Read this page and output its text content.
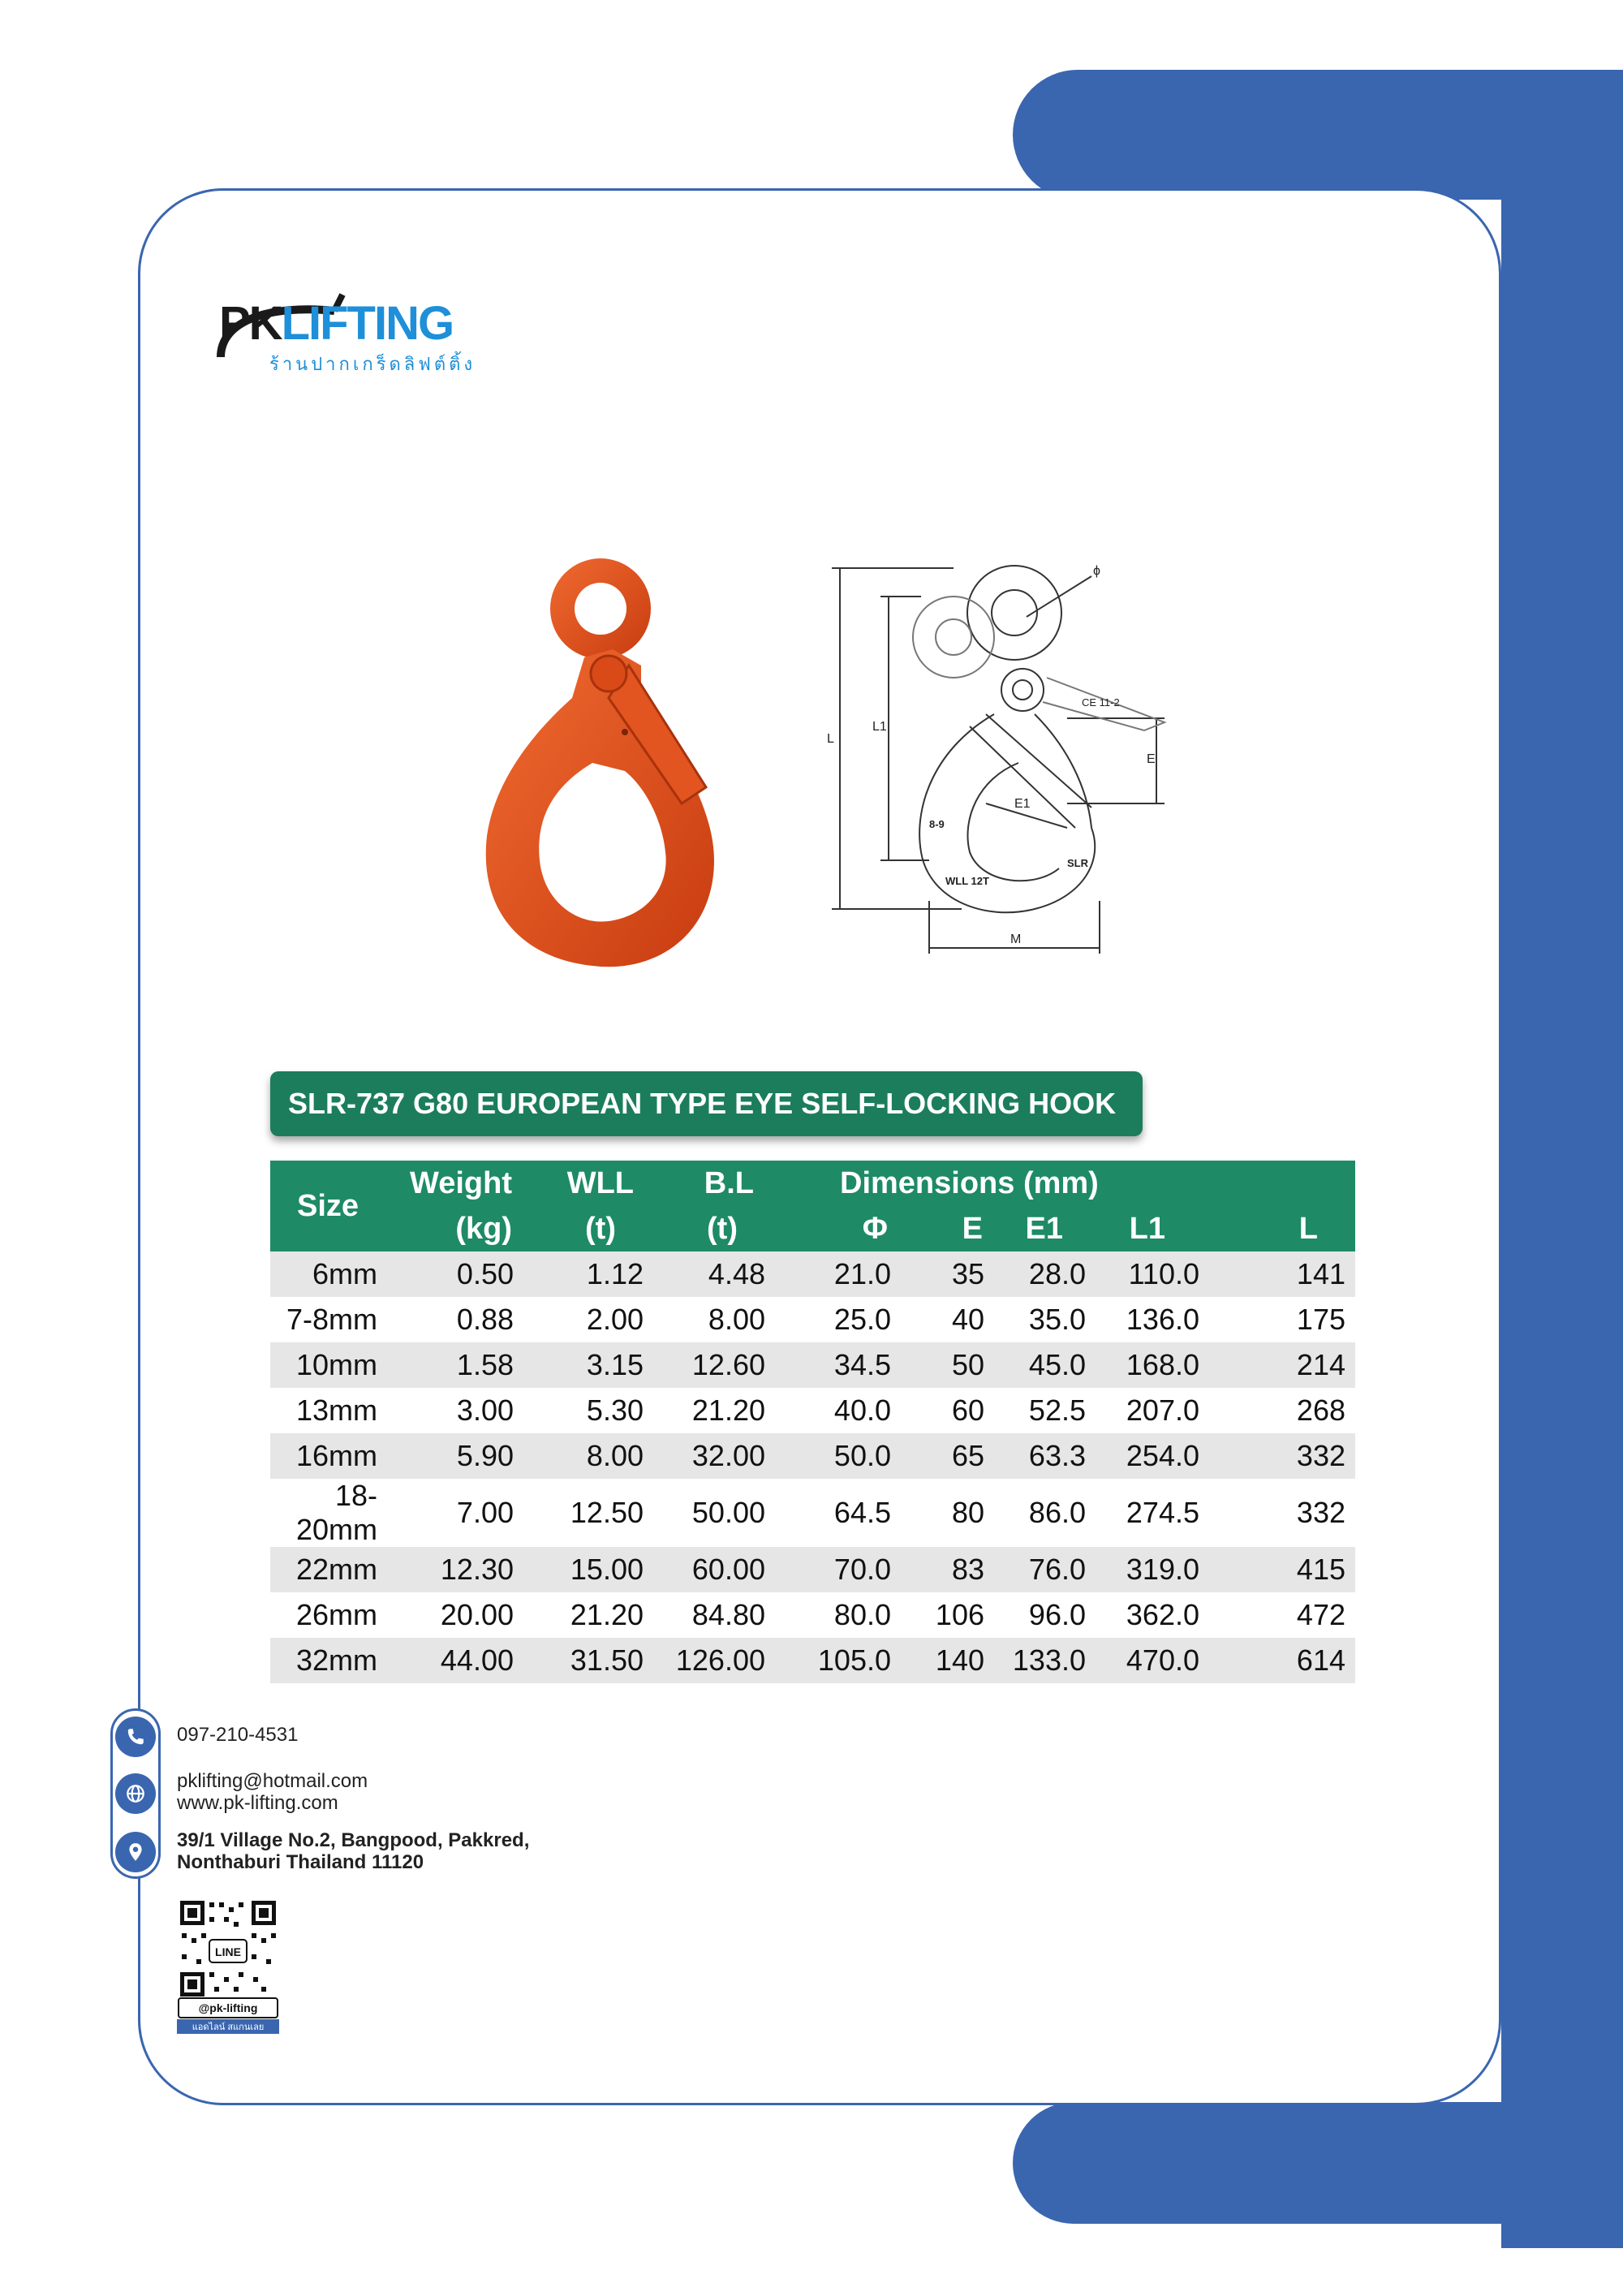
PKLIFTING
ร้านปากเกร็ดลิฟต์ติ้ง
ϕ
L
L1
E
E1
M
CE 11-2
WLL 12T
SLR
8-9
SLR-737 G80 EUROPEAN TYPE EYE SELF-LOCKING HOOK
Size	Weight	WLL	B.L	Dimensions (mm)				
	(kg)	(t)	(t)	Φ	E	E1	L1	L
6mm	0.50	1.12	4.48	21.0	35	28.0	110.0	141
7-8mm	0.88	2.00	8.00	25.0	40	35.0	136.0	175
10mm	1.58	3.15	12.60	34.5	50	45.0	168.0	214
13mm	3.00	5.30	21.20	40.0	60	52.5	207.0	268
16mm	5.90	8.00	32.00	50.0	65	63.3	254.0	332
18-20mm	7.00	12.50	50.00	64.5	80	86.0	274.5	332
22mm	12.30	15.00	60.00	70.0	83	76.0	319.0	415
26mm	20.00	21.20	84.80	80.0	106	96.0	362.0	472
32mm	44.00	31.50	126.00	105.0	140	133.0	470.0	614
097-210-4531
pklifting@hotmail.com
www.pk-lifting.com
39/1 Village No.2, Bangpood, Pakkred,
Nonthaburi Thailand 11120
LINE
@pk-lifting
แอดไลน์ สแกนเลย
